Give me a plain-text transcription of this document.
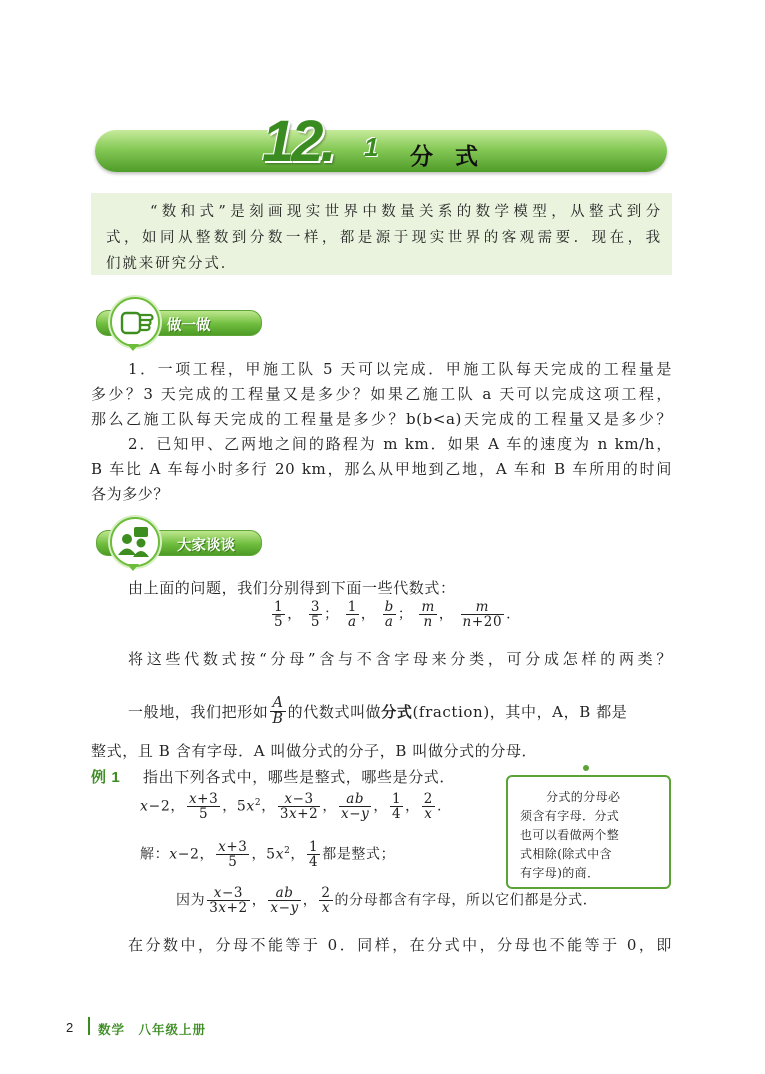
12. 1 分式

“数和式”是刻画现实世界中数量关系的数学模型，从整式到分

式，如同从整数到分数一样，都是源于现实世界的客观需要．现在，我

们就来研究分式．

做一做
1．一项工程，甲施工队 5 天可以完成．甲施工队每天完成的工程量是
多少？3 天完成的工程量又是多少？如果乙施工队 a 天可以完成这项工程，
那么乙施工队每天完成的工程量是多少？b(b<a)天完成的工程量又是多少？
2．已知甲、乙两地之间的路程为 m km．如果 A 车的速度为 n km/h，
B 车比 A 车每小时多行 20 km，那么从甲地到乙地，A 车和 B 车所用的时间
各为多少？
大家谈谈
由上面的问题，我们分别得到下面一些代数式：
$\frac{1}{5}$ ， $\frac{3}{5}$ ； $\frac{1}{a}$ ， $\frac{b}{a}$ ； $\frac{m}{n}$ ， $\frac{m}{n+20}$ .
将这些代数式按“分母”含与不含字母来分类，可分成怎样的两类？
一般地，我们把形如 $\frac{A}{B}$ 的代数式叫做 分式 (fraction)，其中，A，B 都是
整式，且 B 含有字母．A 叫做分式的分子，B 叫做分式的分母．
例 1 指出下列各式中，哪些是整式，哪些是分式．
x−2， $\frac{x+3}{5}$ ，$5x^2$， $\frac{x-3}{3x+2}$ ， $\frac{ab}{x-y}$ ， $\frac{1}{4}$ ， $\frac{2}{x}$ .
解：x−2， $\frac{x+3}{5}$ ，$5x^2$， $\frac{1}{4}$ 都是整式；
因为 $\frac{x-3}{3x+2}$ ， $\frac{ab}{x-y}$ ， $\frac{2}{x}$ 的分母都含有字母，所以它们都是分式．
分式的分母必
须含有字母．分式
也可以看做两个整
式相除(除式中含
有字母)的商．
在分数中，分母不能等于 0．同样，在分式中，分母也不能等于 0，即
2 数学　八年级上册
